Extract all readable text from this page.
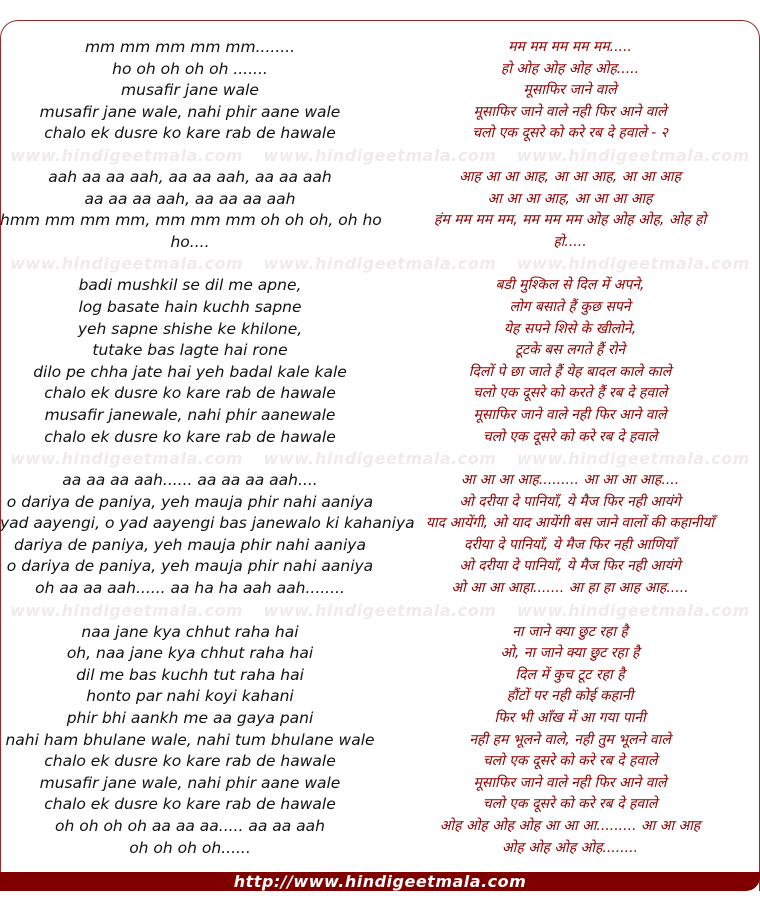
mm mm mm mm mm........
ho oh oh oh oh .......
musafir jane wale
musafir jane wale, nahi phir aane wale
chalo ek dusre ko kare rab de hawale
मम मम मम मम मम.....
हो ओह ओह ओह ओह.....
मूसाफिर जाने वाले
मूसाफिर जाने वाले नही फिर आने वाले
चलो एक दूसरे को करे रब दे हवाले - २
www.hindigeetmala.com www.hindigeetmala.com www.hindigeetmala.com
aah aa aa aah, aa aa aah, aa aa aah
aa aa aa aah, aa aa aa aah
hmm mm mm mm, mm mm mm oh oh oh, oh ho
ho....
आह आ आ आह, आ आ आह, आ आ आह
आ आ आ आह, आ आ आ आह
हंम मम मम मम, मम मम मम ओह ओह ओह, ओह हो
हो.....
www.hindigeetmala.com www.hindigeetmala.com www.hindigeetmala.com
badi mushkil se dil me apne,
log basate hain kuchh sapne
yeh sapne shishe ke khilone,
tutake bas lagte hai rone
dilo pe chha jate hai yeh badal kale kale
chalo ek dusre ko kare rab de hawale
musafir janewale, nahi phir aanewale
chalo ek dusre ko kare rab de hawale
बडी मुश्किल से दिल में अपने,
लोग बसाते हैं कुछ सपने
येह सपने शिसे के खीलोने,
टूटके बस लगते हैं रोने
दिलों पे छा जाते हैं येह बादल काले काले
चलो एक दूसरे को करते हैं रब दे हवाले
मूसाफिर जाने वाले नही फिर आने वाले
चलो एक दूसरे को करे रब दे हवाले
www.hindigeetmala.com www.hindigeetmala.com www.hindigeetmala.com
aa aa aa aah...... aa aa aa aah....
o dariya de paniya, yeh mauja phir nahi aaniya
yad aayengi, o yad aayengi bas janewalo ki kahaniya
dariya de paniya, yeh mauja phir nahi aaniya
o dariya de paniya, yeh mauja phir nahi aaniya
oh aa aa aah...... aa ha ha aah aah........
आ आ आ आह......... आ आ आ आह....
ओ दरीया दे पानियाँ, ये मैज फिर नही आयंगे
याद आयेंगी, ओ याद आयेंगी बस जाने वालों की कहानीयाँ
दरीया दे पानियाँ, ये मैज फिर नही आणियाँ
ओ दरीया दे पानियाँ, ये मैज फिर नही आयंगे
ओ आ आ आहा....... आ हा हा आह आह.....
www.hindigeetmala.com www.hindigeetmala.com www.hindigeetmala.com
naa jane kya chhut raha hai
oh, naa jane kya chhut raha hai
dil me bas kuchh tut raha hai
honto par nahi koyi kahani
phir bhi aankh me aa gaya pani
nahi ham bhulane wale, nahi tum bhulane wale
chalo ek dusre ko kare rab de hawale
musafir jane wale, nahi phir aane wale
chalo ek dusre ko kare rab de hawale
oh oh oh oh aa aa aa..... aa aa aah
oh oh oh oh......
ना जाने क्या छुट रहा है
ओ, ना जाने क्या छुट रहा है
दिल में कुच टूट रहा है
हौंटों पर नही कोई कहानी
फिर भी आँख में आ गया पानी
नही हम भूलने वाले, नही तुम भूलने वाले
चलो एक दूसरे को करे रब दे हवाले
मूसाफिर जाने वाले नही फिर आने वाले
चलो एक दूसरे को करे रब दे हवाले
ओह ओह ओह ओह आ आ आ......... आ आ आह
ओह ओह ओह ओह........
http://www.hindigeetmala.com
